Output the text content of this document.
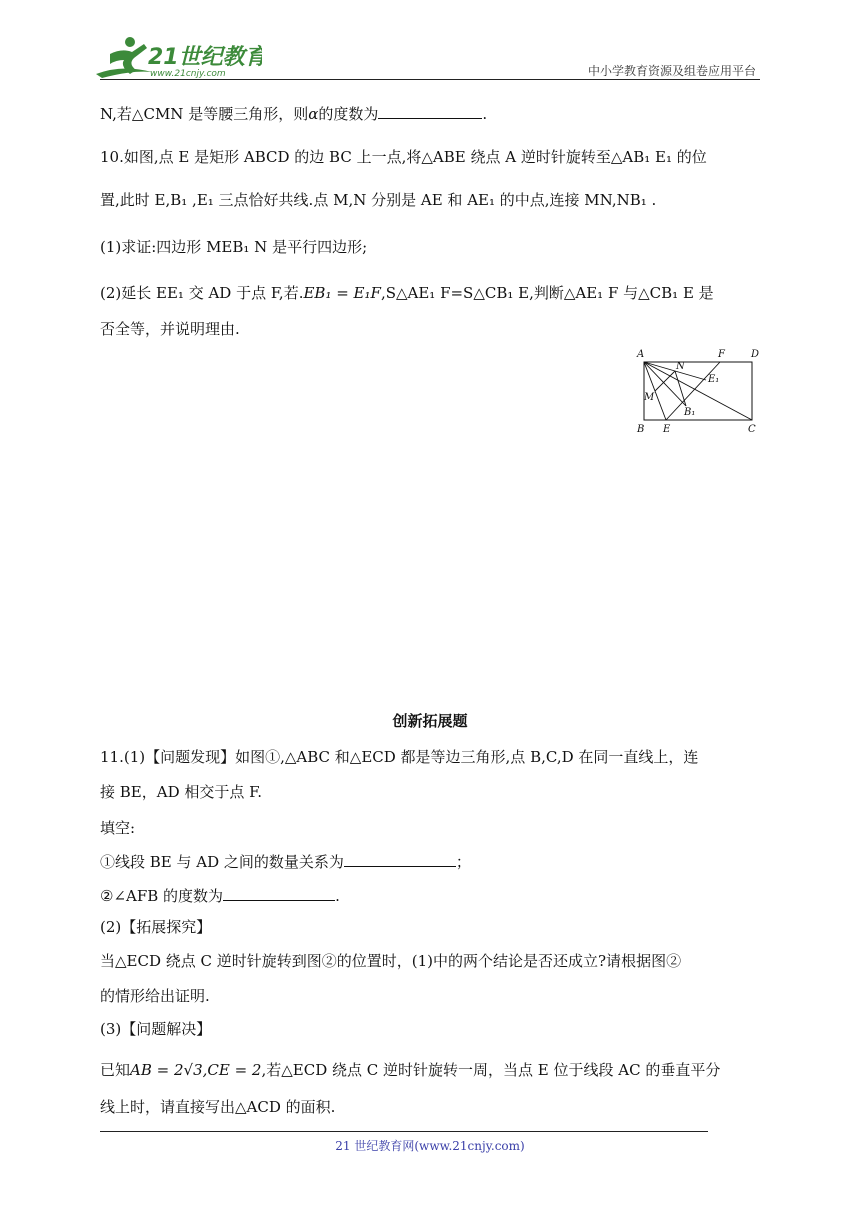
21世纪教育
www.21cnjy.com	中小学教育资源及组卷应用平台
N,若△CMN 是等腰三角形，则α的度数为	.
10.如图,点 E 是矩形 ABCD 的边 BC 上一点,将△ABE 绕点 A 逆时针旋转至△AB₁ E₁ 的位
置,此时 E,B₁ ,E₁ 三点恰好共线.点 M,N 分别是 AE 和 AE₁ 的中点,连接 MN,NB₁ .
(1)求证:四边形 MEB₁ N 是平行四边形;
(2)延长 EE₁ 交 AD 于点 F,若.EB₁ = E₁F,S△AE₁ F=S△CB₁ E,判断△AE₁ F 与△CB₁ E 是
否全等，并说明理由.
A
N
F	D
E₁
M
B₁
B E	C
创新拓展题
11.(1)【问题发现】如图①,△ABC 和△ECD 都是等边三角形,点 B,C,D 在同一直线上，连
接 BE，AD 相交于点 F.
填空:
①线段 BE 与 AD 之间的数量关系为	；
②∠AFB 的度数为	.
(2)【拓展探究】
当△ECD 绕点 C 逆时针旋转到图②的位置时，(1)中的两个结论是否还成立?请根据图②
的情形给出证明.
(3)【问题解决】
已知AB = 2√3,CE = 2,若△ECD 绕点 C 逆时针旋转一周，当点 E 位于线段 AC 的垂直平分
线上时，请直接写出△ACD 的面积.
21 世纪教育网(www.21cnjy.com)
